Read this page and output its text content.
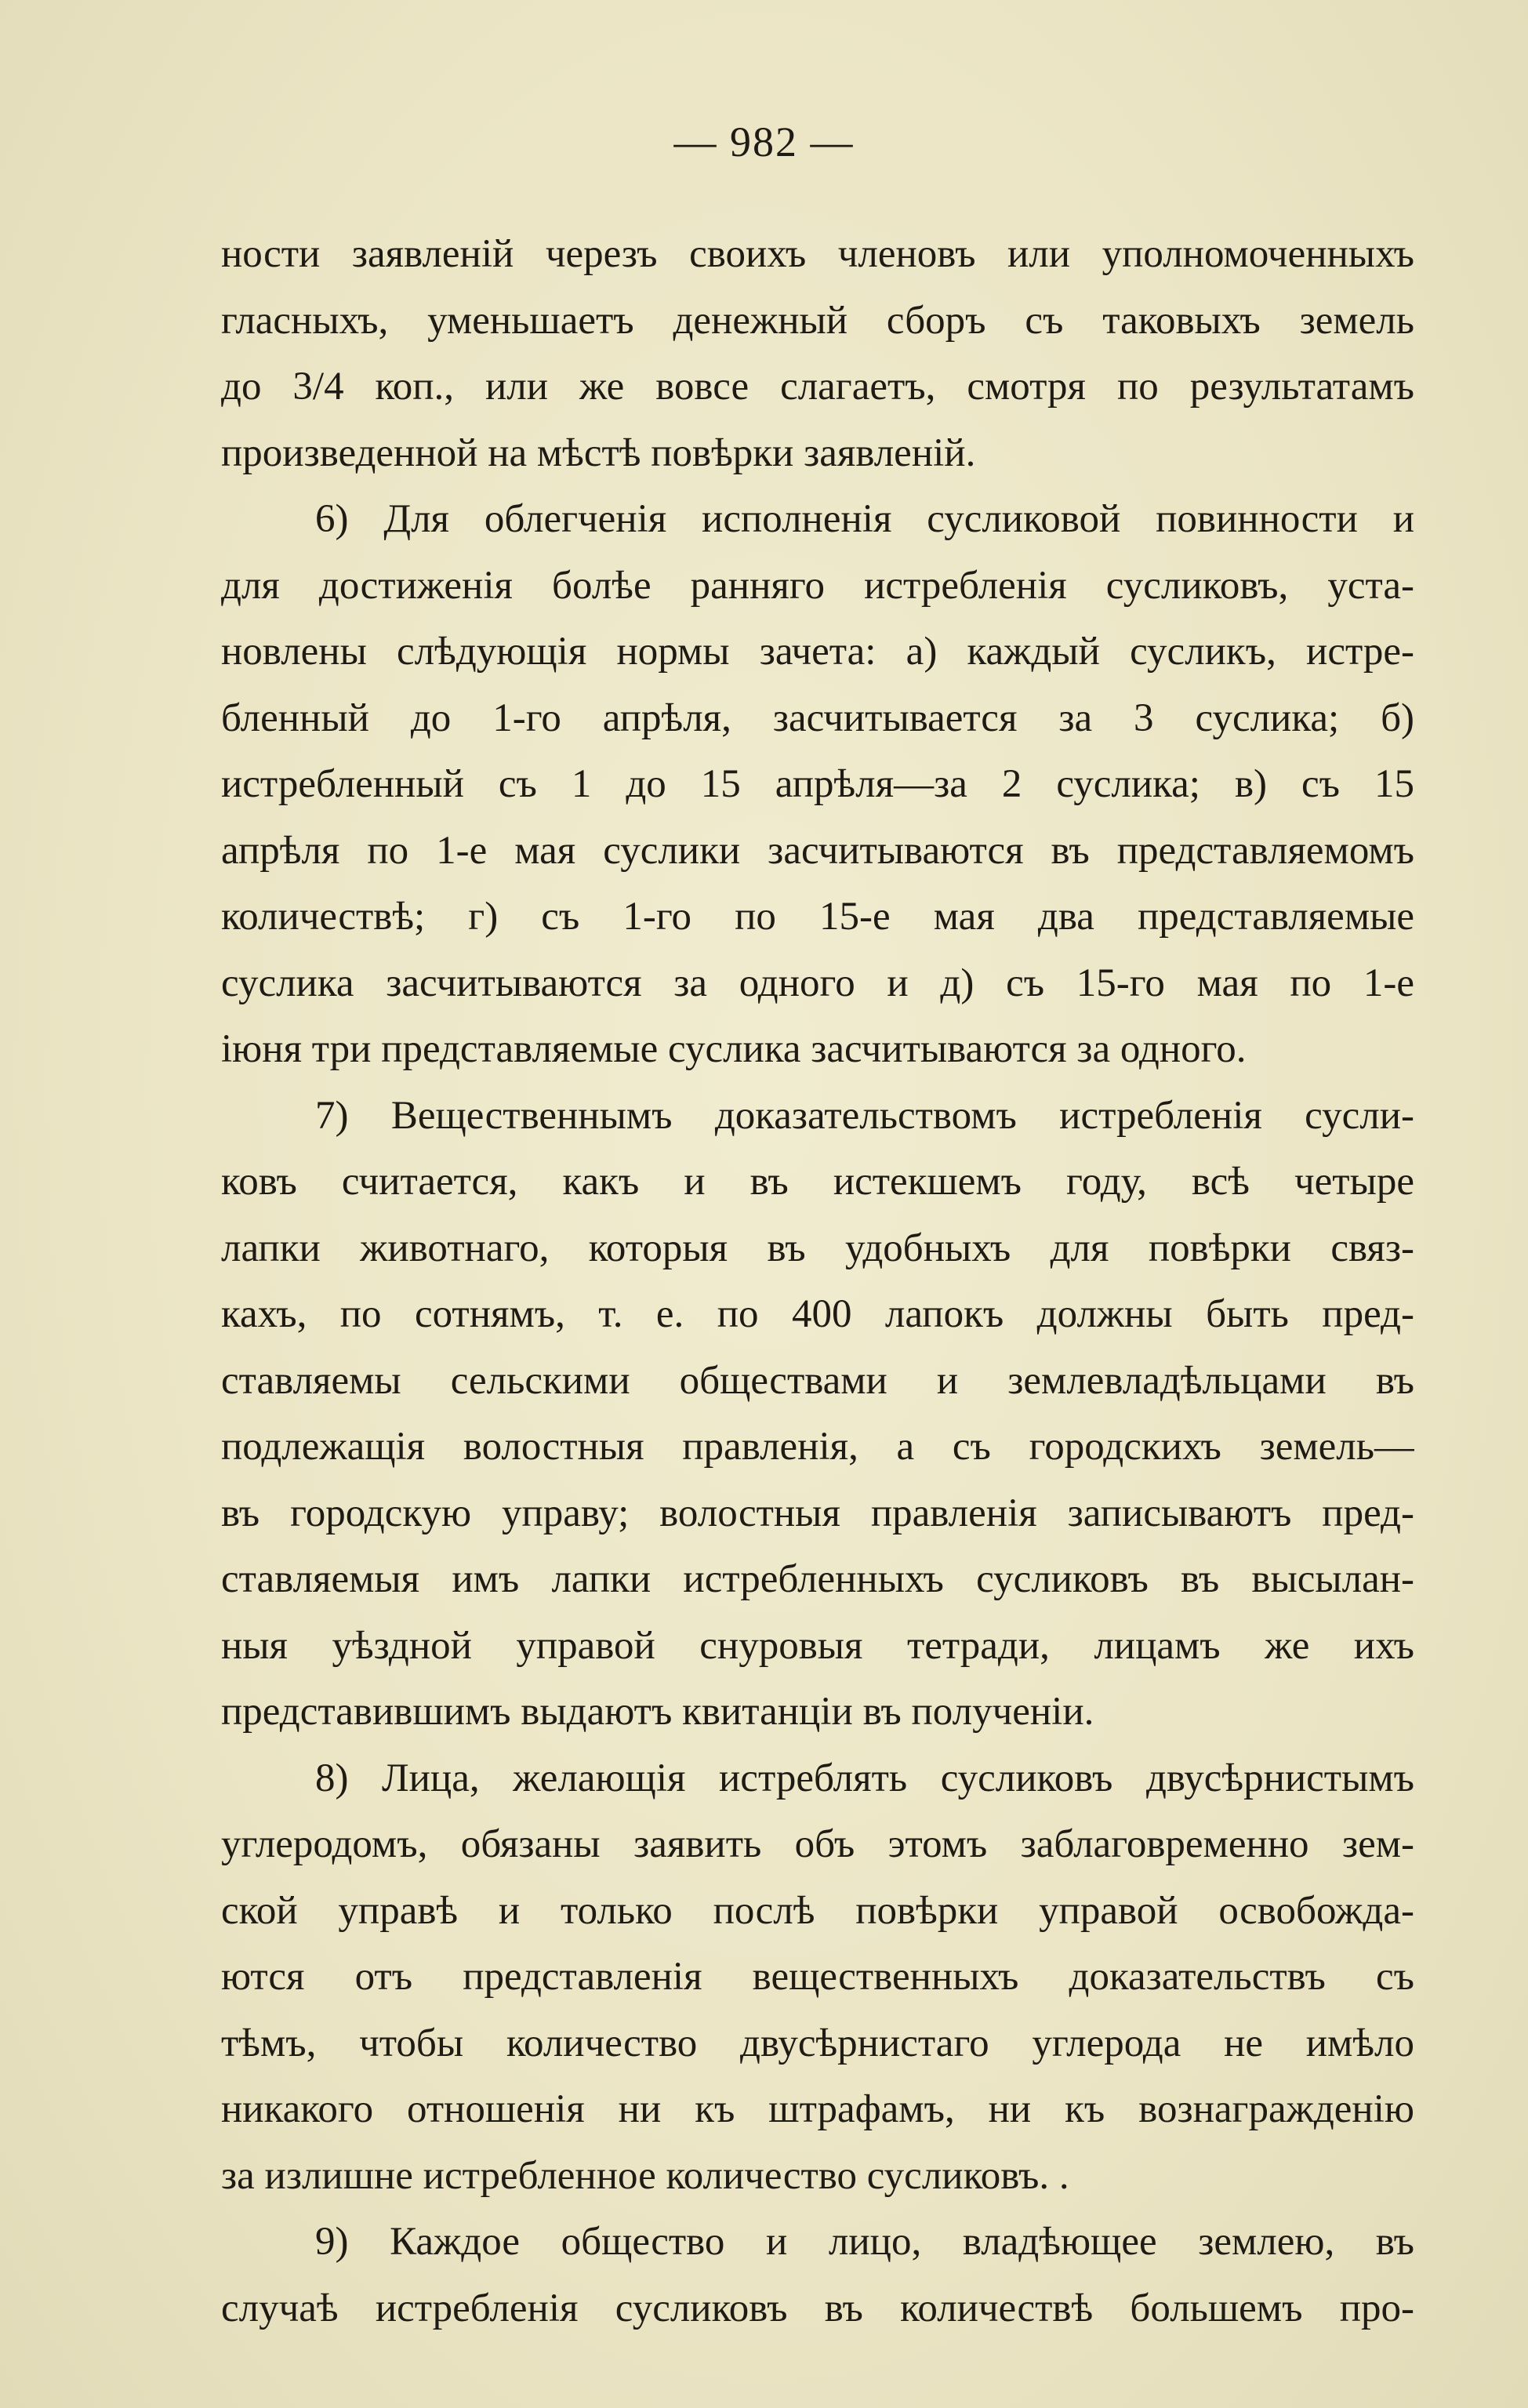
— 982 —
ности заявленій черезъ своихъ членовъ или уполномоченныхъ
гласныхъ, уменьшаетъ денежный сборъ съ таковыхъ земель
до 3/4 коп., или же вовсе слагаетъ, смотря по результатамъ
произведенной на мѣстѣ повѣрки заявленій.
6) Для облегченія исполненія сусликовой повинности и
для достиженія болѣе ранняго истребленія сусликовъ, уста-
новлены слѣдующія нормы зачета: а) каждый сусликъ, истре-
бленный до 1-го апрѣля, засчитывается за 3 суслика; б)
истребленный съ 1 до 15 апрѣля—за 2 суслика; в) съ 15
апрѣля по 1-е мая суслики засчитываются въ представляемомъ
количествѣ; г) съ 1-го по 15-е мая два представляемые
суслика засчитываются за одного и д) съ 15-го мая по 1-е
іюня три представляемые суслика засчитываются за одного.
7) Вещественнымъ доказательствомъ истребленія сусли-
ковъ считается, какъ и въ истекшемъ году, всѣ четыре
лапки животнаго, которыя въ удобныхъ для повѣрки связ-
кахъ, по сотнямъ, т. е. по 400 лапокъ должны быть пред-
ставляемы сельскими обществами и землевладѣльцами въ
подлежащія волостныя правленія, а съ городскихъ земель—
въ городскую управу; волостныя правленія записываютъ пред-
ставляемыя имъ лапки истребленныхъ сусликовъ въ высылан-
ныя уѣздной управой снуровыя тетради, лицамъ же ихъ
представившимъ выдаютъ квитанціи въ полученіи.
8) Лица, желающія истреблять сусликовъ двусѣрнистымъ
углеродомъ, обязаны заявить объ этомъ заблаговременно зем-
ской управѣ и только послѣ повѣрки управой освобожда-
ются отъ представленія вещественныхъ доказательствъ съ
тѣмъ, чтобы количество двусѣрнистаго углерода не имѣло
никакого отношенія ни къ штрафамъ, ни къ вознагражденію
за излишне истребленное количество сусликовъ. .
9) Каждое общество и лицо, владѣющее землею, въ
случаѣ истребленія сусликовъ въ количествѣ большемъ про-
